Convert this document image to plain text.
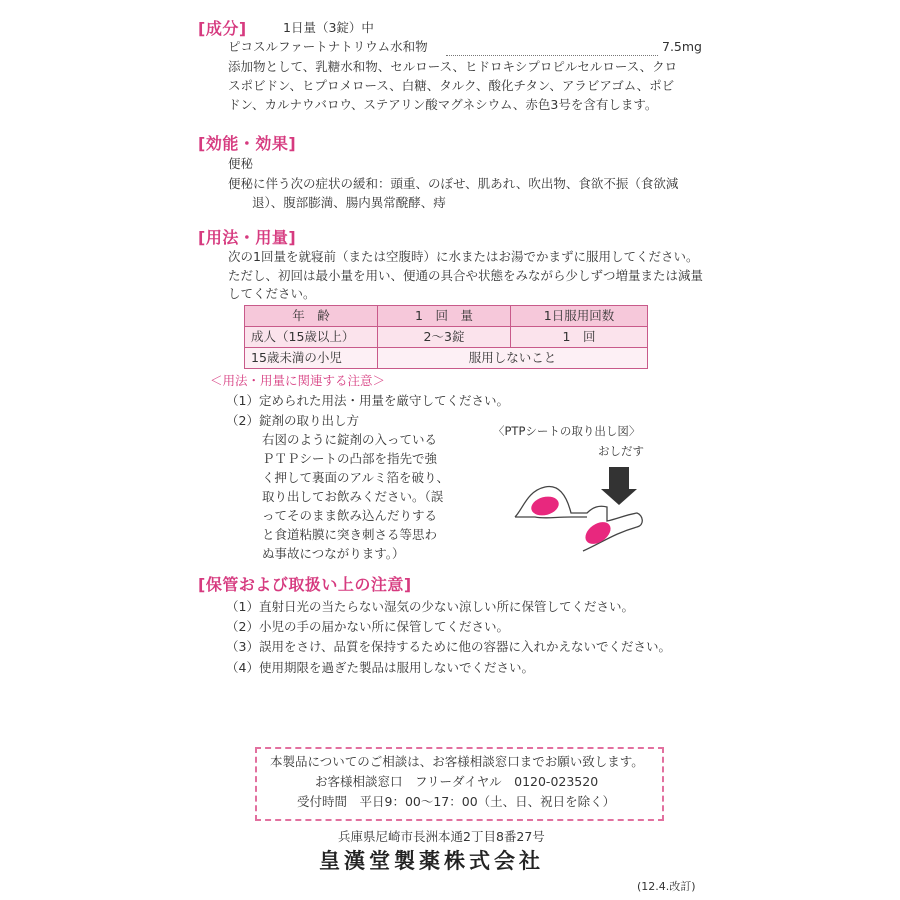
[成分]	1日量（3錠）中
ピコスルファートナトリウム水和物	7.5mg
添加物として、乳糖水和物、セルロース、ヒドロキシプロピルセルロース、クロ
スポビドン、ヒプロメロース、白糖、タルク、酸化チタン、アラビアゴム、ポビ
ドン、カルナウバロウ、ステアリン酸マグネシウム、赤色3号を含有します。
[効能・効果]
便秘
便秘に伴う次の症状の緩和：頭重、のぼせ、肌あれ、吹出物、食欲不振（食欲減
退）、腹部膨満、腸内異常醗酵、痔
[用法・用量]
次の1回量を就寝前（または空腹時）に水またはお湯でかまずに服用してください。
ただし、初回は最小量を用い、便通の具合や状態をみながら少しずつ増量または減量
してください。
年　齢	1　回　量	1日服用回数
成人（15歳以上）	2〜3錠	1　回
15歳未満の小児	服用しないこと	
＜用法・用量に関連する注意＞
（1）定められた用法・用量を厳守してください。
（2）錠剤の取り出し方
右図のように錠剤の入っている
ＰＴＰシートの凸部を指先で強
く押して裏面のアルミ箔を破り、
取り出してお飲みください。（誤
ってそのまま飲み込んだりする
と食道粘膜に突き刺さる等思わ
ぬ事故につながります。）
〈PTPシートの取り出し図〉
おしだす
[保管および取扱い上の注意]
（1）直射日光の当たらない湿気の少ない涼しい所に保管してください。
（2）小児の手の届かない所に保管してください。
（3）誤用をさけ、品質を保持するために他の容器に入れかえないでください。
（4）使用期限を過ぎた製品は服用しないでください。
本製品についてのご相談は、お客様相談窓口までお願い致します。
お客様相談窓口　フリーダイヤル　0120-023520
受付時間　平日9：00〜17：00（土、日、祝日を除く）
兵庫県尼崎市長洲本通2丁目8番27号
皇漢堂製薬株式会社
(12.4.改訂)
